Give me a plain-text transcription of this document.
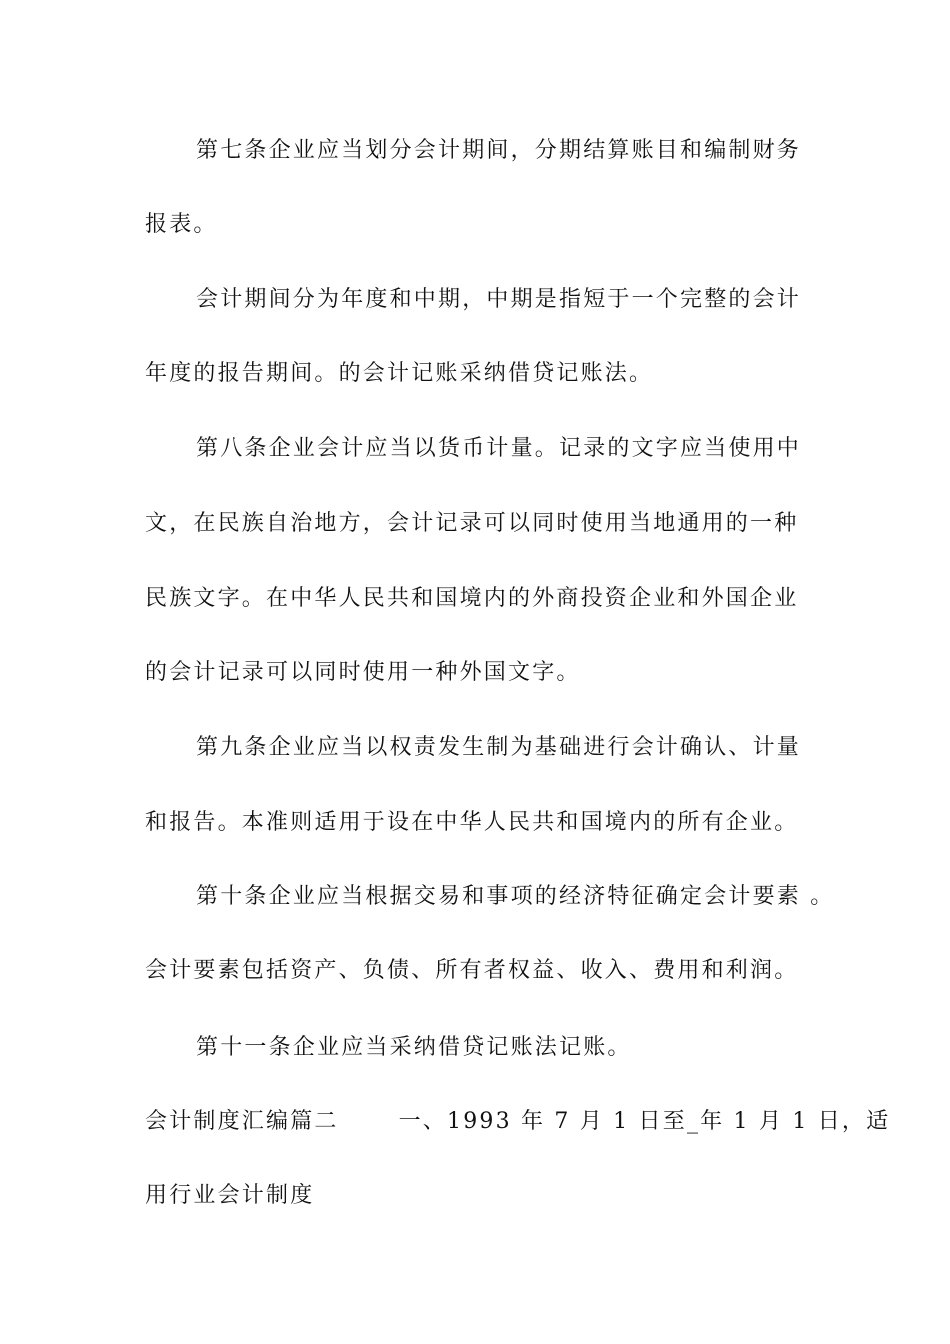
第七条企业应当划分会计期间，分期结算账目和编制财务
报表。
会计期间分为年度和中期，中期是指短于一个完整的会计
年度的报告期间。的会计记账采纳借贷记账法。
第八条企业会计应当以货币计量。记录的文字应当使用中
文，在民族自治地方，会计记录可以同时使用当地通用的一种
民族文字。在中华人民共和国境内的外商投资企业和外国企业
的会计记录可以同时使用一种外国文字。
第九条企业应当以权责发生制为基础进行会计确认、计量
和报告。本准则适用于设在中华人民共和国境内的所有企业。
第十条企业应当根据交易和事项的经济特征确定会计要素 。
会计要素包括资产、负债、所有者权益、收入、费用和利润。
第十一条企业应当采纳借贷记账法记账。
会计制度汇编篇二	一、1993 年 7 月 1 日至_年 1 月 1 日，适
用行业会计制度
